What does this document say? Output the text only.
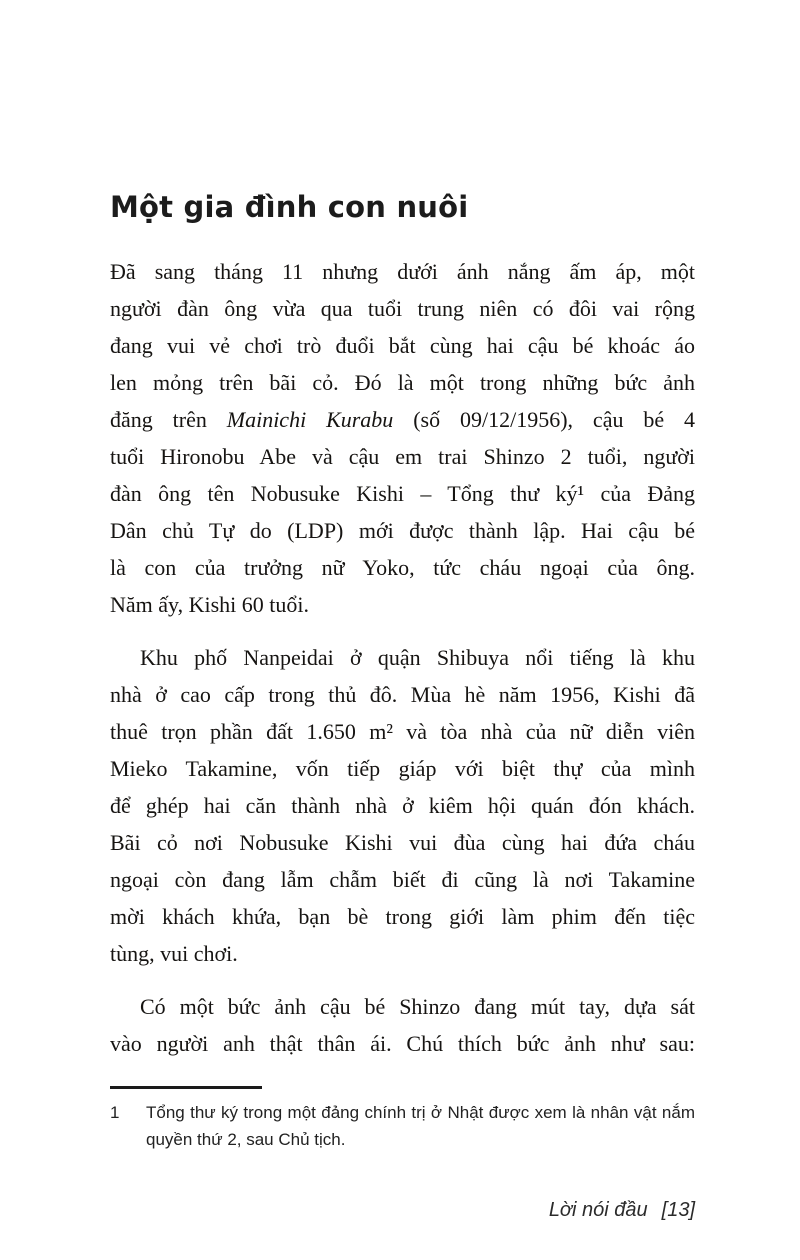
Một gia đình con nuôi
Đã sang tháng 11 nhưng dưới ánh nắng ấm áp, một
người đàn ông vừa qua tuổi trung niên có đôi vai rộng
đang vui vẻ chơi trò đuổi bắt cùng hai cậu bé khoác áo
len mỏng trên bãi cỏ. Đó là một trong những bức ảnh
đăng trên Mainichi Kurabu (số 09/12/1956), cậu bé 4
tuổi Hironobu Abe và cậu em trai Shinzo 2 tuổi, người
đàn ông tên Nobusuke Kishi – Tổng thư ký¹ của Đảng
Dân chủ Tự do (LDP) mới được thành lập. Hai cậu bé
là con của trưởng nữ Yoko, tức cháu ngoại của ông.
Năm ấy, Kishi 60 tuổi.
Khu phố Nanpeidai ở quận Shibuya nổi tiếng là khu
nhà ở cao cấp trong thủ đô. Mùa hè năm 1956, Kishi đã
thuê trọn phần đất 1.650 m² và tòa nhà của nữ diễn viên
Mieko Takamine, vốn tiếp giáp với biệt thự của mình
để ghép hai căn thành nhà ở kiêm hội quán đón khách.
Bãi cỏ nơi Nobusuke Kishi vui đùa cùng hai đứa cháu
ngoại còn đang lẫm chẫm biết đi cũng là nơi Takamine
mời khách khứa, bạn bè trong giới làm phim đến tiệc
tùng, vui chơi.
Có một bức ảnh cậu bé Shinzo đang mút tay, dựa sát
vào người anh thật thân ái. Chú thích bức ảnh như sau:
1	Tổng thư ký trong một đảng chính trị ở Nhật được xem là nhân vật nắm
quyền thứ 2, sau Chủ tịch.
Lời nói đầu [13]
